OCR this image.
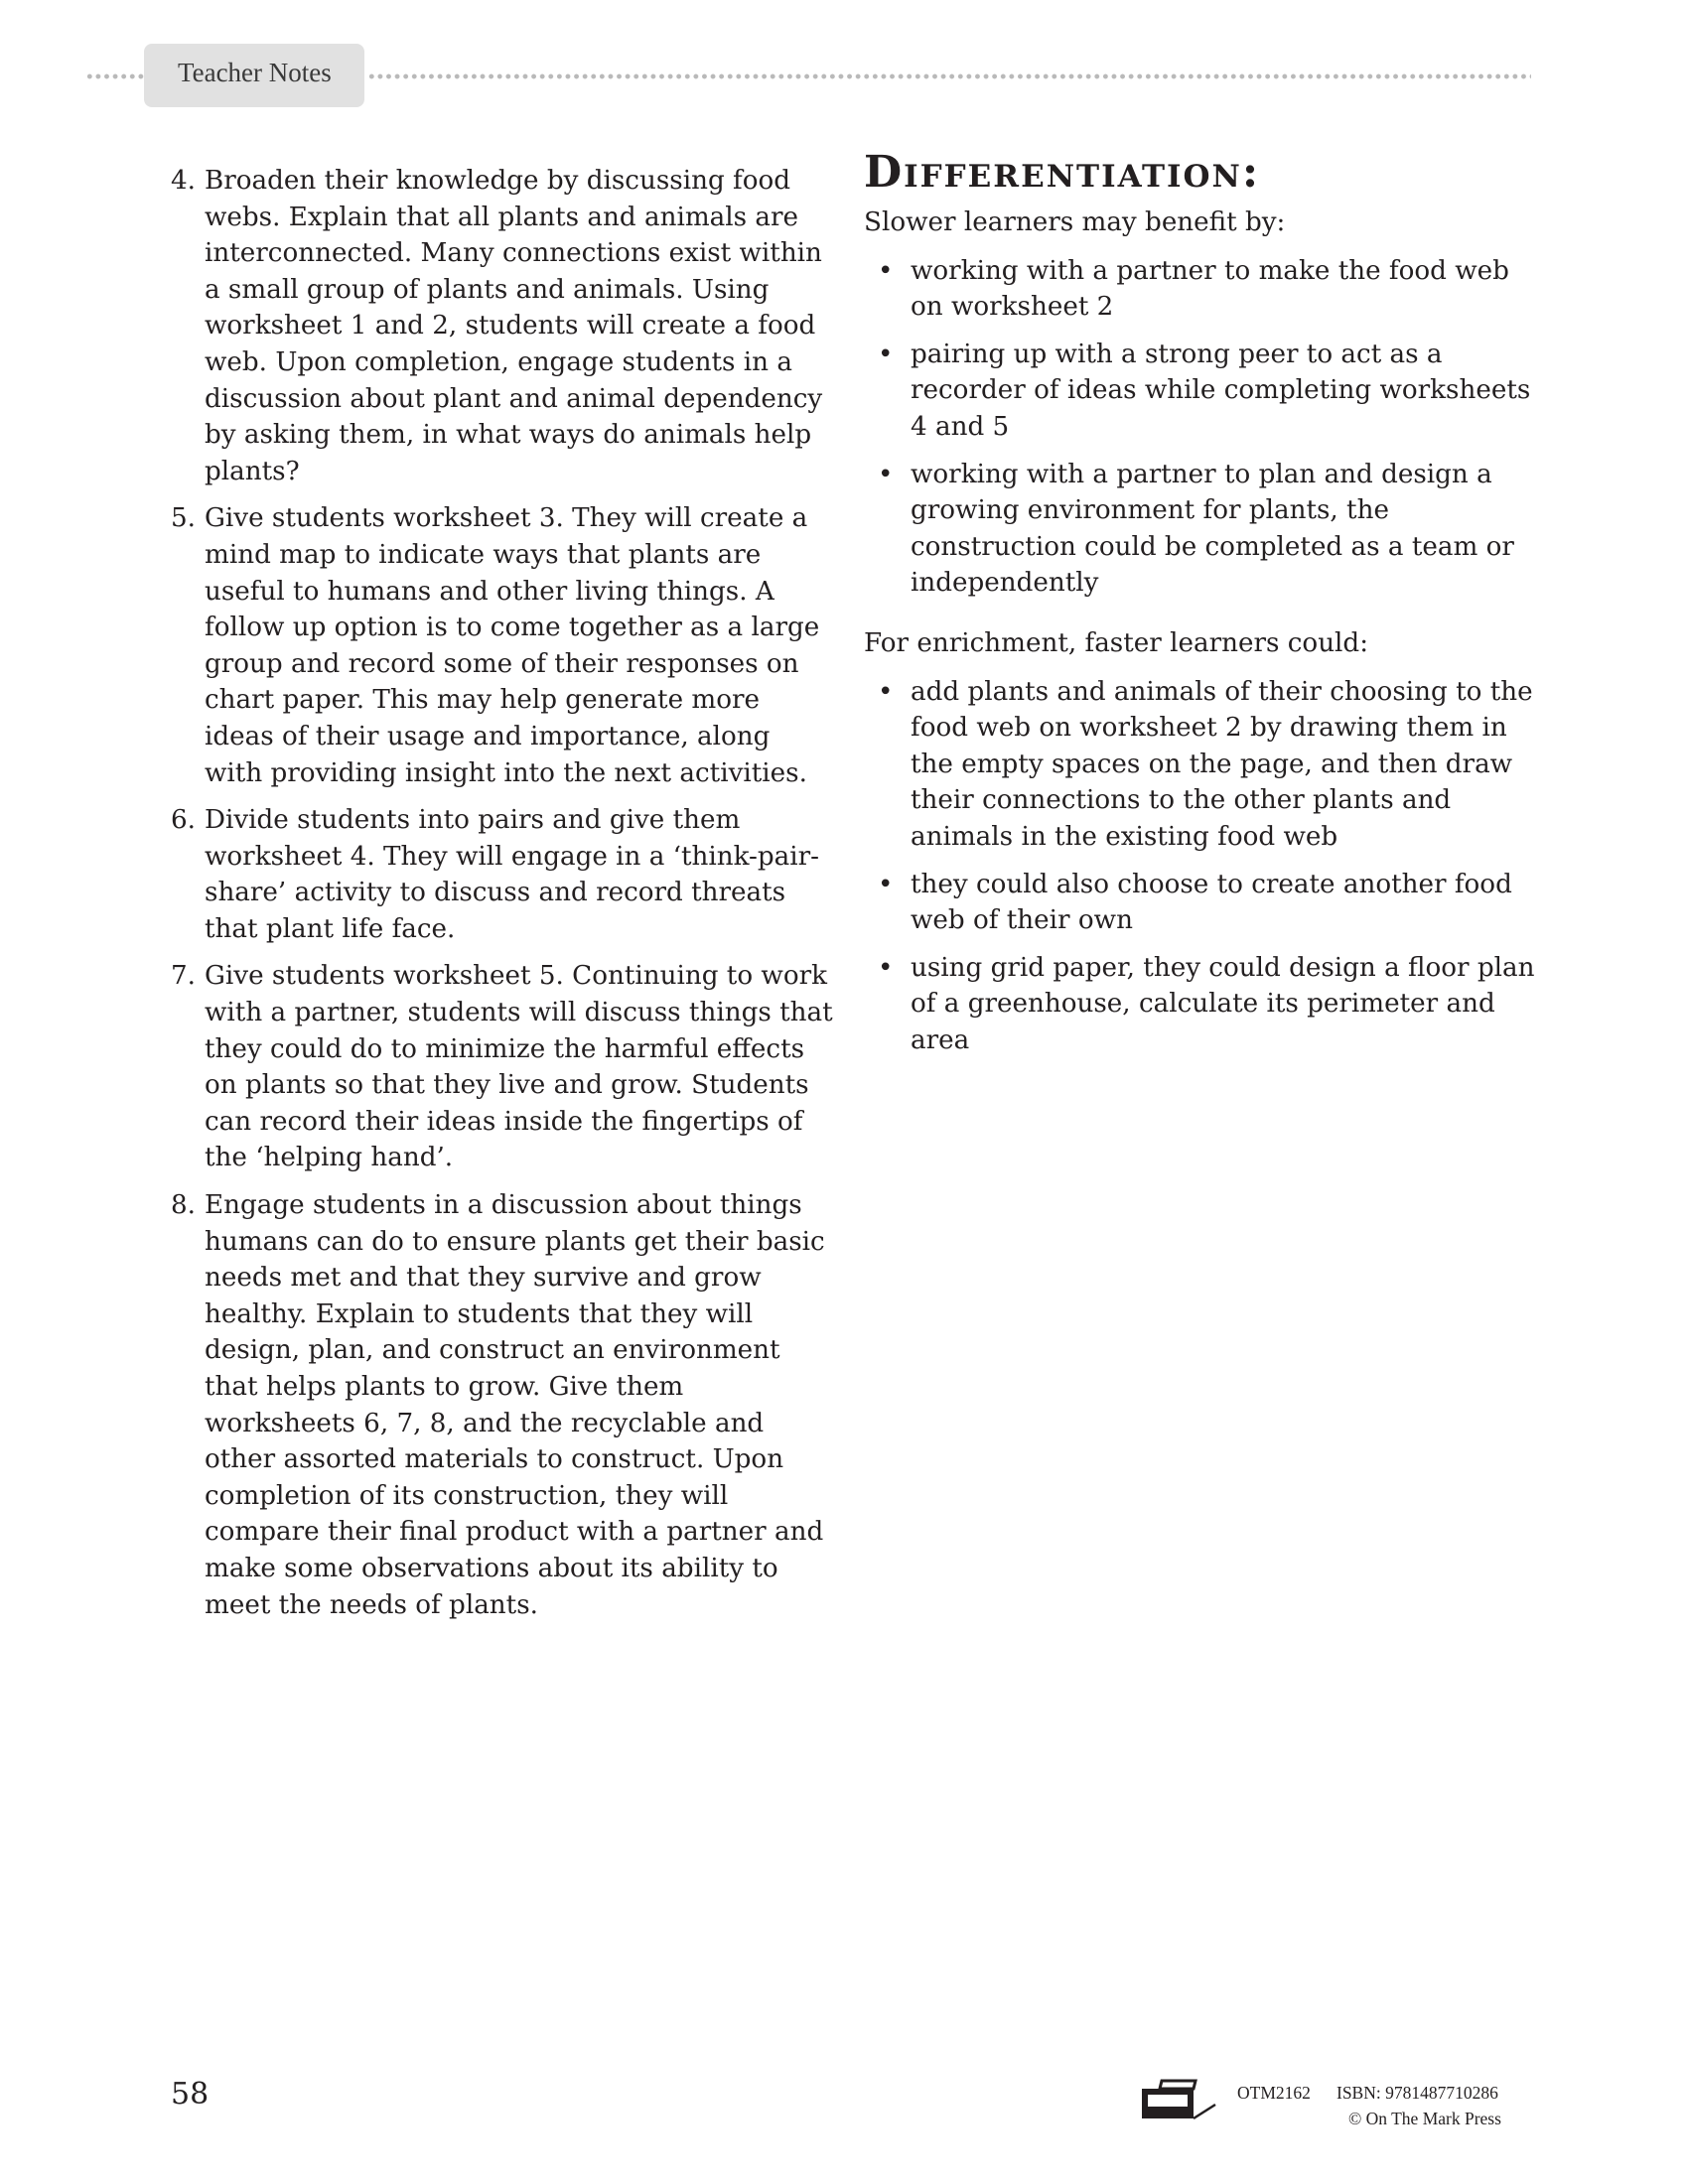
Teacher Notes
4. Broaden their knowledge by discussing food webs. Explain that all plants and animals are interconnected. Many connections exist within a small group of plants and animals. Using worksheet 1 and 2, students will create a food web. Upon completion, engage students in a discussion about plant and animal dependency by asking them, in what ways do animals help plants?
5. Give students worksheet 3. They will create a mind map to indicate ways that plants are useful to humans and other living things. A follow up option is to come together as a large group and record some of their responses on chart paper. This may help generate more ideas of their usage and importance, along with providing insight into the next activities.
6. Divide students into pairs and give them worksheet 4. They will engage in a ‘think-pair-share’ activity to discuss and record threats that plant life face.
7. Give students worksheet 5. Continuing to work with a partner, students will discuss things that they could do to minimize the harmful effects on plants so that they live and grow. Students can record their ideas inside the fingertips of the ‘helping hand’.
8. Engage students in a discussion about things humans can do to ensure plants get their basic needs met and that they survive and grow healthy. Explain to students that they will design, plan, and construct an environment that helps plants to grow. Give them worksheets 6, 7, 8, and the recyclable and other assorted materials to construct. Upon completion of its construction, they will compare their final product with a partner and make some observations about its ability to meet the needs of plants.
Differentiation:

Slower learners may benefit by:

• working with a partner to make the food web on worksheet 2
• pairing up with a strong peer to act as a recorder of ideas while completing worksheets 4 and 5
• working with a partner to plan and design a growing environment for plants, the construction could be completed as a team or independently

For enrichment, faster learners could:

• add plants and animals of their choosing to the food web on worksheet 2 by drawing them in the empty spaces on the page, and then draw their connections to the other plants and animals in the existing food web
• they could also choose to create another food web of their own
• using grid paper, they could design a floor plan of a greenhouse, calculate its perimeter and area
58	OTM2162 ISBN: 9781487710286
© On The Mark Press
